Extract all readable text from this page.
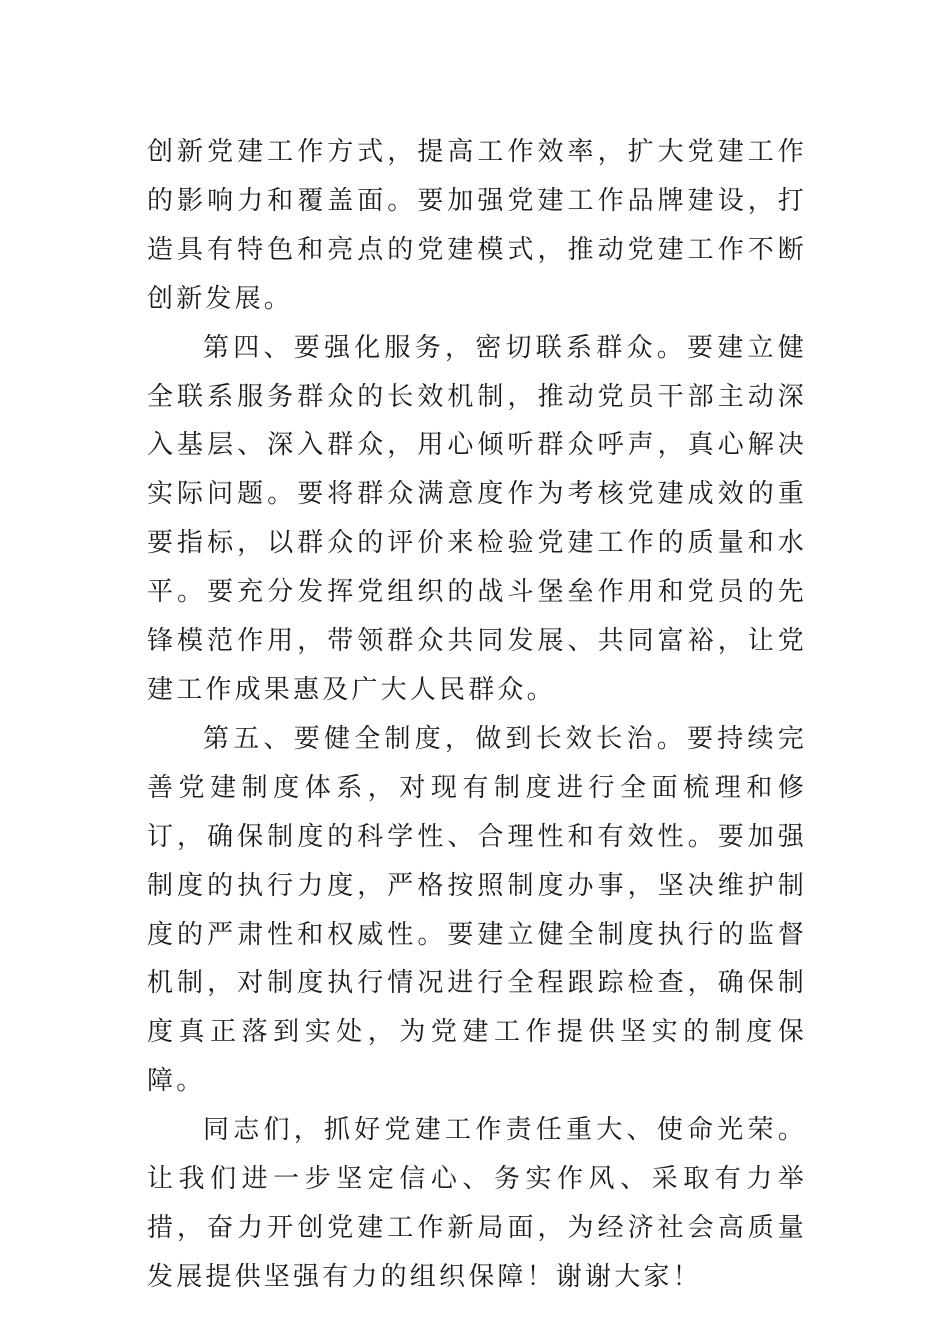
创新党建工作方式，提高工作效率，扩大党建工作的影响力和覆盖面。要加强党建工作品牌建设，打造具有特色和亮点的党建模式，推动党建工作不断创新发展。

第四、要强化服务，密切联系群众。要建立健全联系服务群众的长效机制，推动党员干部主动深入基层、深入群众，用心倾听群众呼声，真心解决实际问题。要将群众满意度作为考核党建成效的重要指标，以群众的评价来检验党建工作的质量和水平。要充分发挥党组织的战斗堡垒作用和党员的先锋模范作用，带领群众共同发展、共同富裕，让党建工作成果惠及广大人民群众。

第五、要健全制度，做到长效长治。要持续完善党建制度体系，对现有制度进行全面梳理和修订，确保制度的科学性、合理性和有效性。要加强制度的执行力度，严格按照制度办事，坚决维护制度的严肃性和权威性。要建立健全制度执行的监督机制，对制度执行情况进行全程跟踪检查，确保制度真正落到实处，为党建工作提供坚实的制度保障。

同志们，抓好党建工作责任重大、使命光荣。让我们进一步坚定信心、务实作风、采取有力举措，奋力开创党建工作新局面，为经济社会高质量发展提供坚强有力的组织保障！谢谢大家！
